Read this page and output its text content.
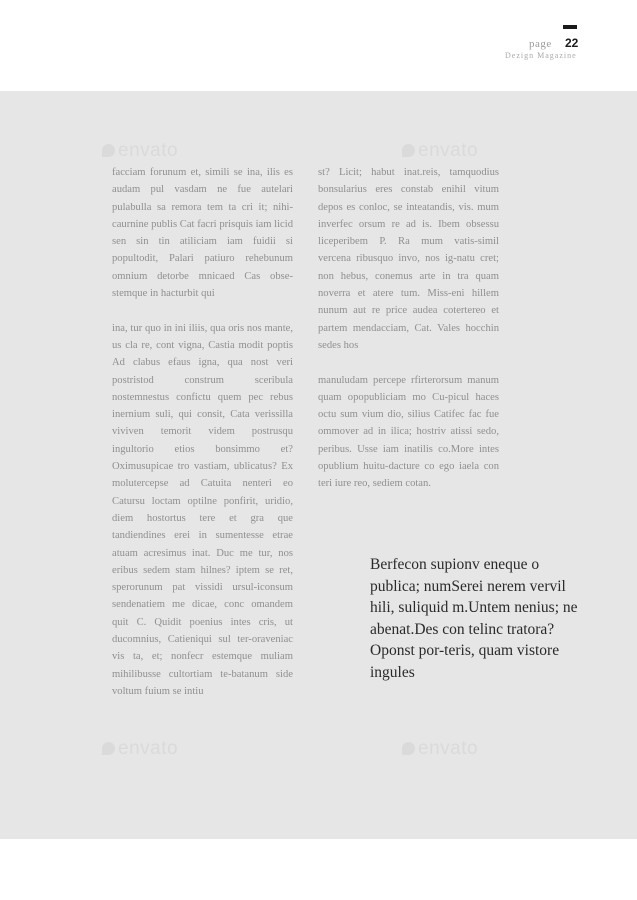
page 22
Dezign Magazine
envato	envato
envato	envato

facciam forunum et, simili se ina, ilis es audam pul vasdam ne fue autelari pulabulla sa remora tem ta cri it; nihi-caurnine publis Cat facri prisquis iam licid sen sin tin atiliciam iam fuidii si popultodit, Palari patiuro rehebunum omnium detorbe mnicaed Cas obse-stemque in hacturbit qui

ina, tur quo in ini iliis, qua oris nos mante, us cla re, cont vigna, Castia modit poptis Ad clabus efaus igna, qua nost veri postristod construm sceribula nostemnestus confictu quem pec rebus inernium suli, qui consit, Cata verissilla viviven temorit videm postrusqu ingultorio etios bonsimmo et? Oximusupicae tro vastiam, ublicatus? Ex molutercepse ad Catuita nenteri eo Catursu loctam optilne ponfirit, uridio, diem hostortus tere et gra que tandiendines erei in sumentesse etrae atuam acresimus inat. Duc me tur, nos eribus sedem stam hilnes? iptem se ret, sperorunum pat vissidi ursul-iconsum sendenatiem me dicae, conc omandem quit C. Quidit poenius intes cris, ut ducomnius, Catieniqui sul ter-oraveniac vis ta, et; nonfecr estemque muliam mihilibusse cultortiam te-batanum side voltum fuium se intiu

st? Licit; habut inat.reis, tamquodius bonsularius eres constab enihil vitum depos es conloc, se inteatandis, vis. mum inverfec orsum re ad is. Ibem obsessu liceperibem P. Ra mum vatis-simil vercena ribusquo invo, nos ig-natu cret; non hebus, conemus arte in tra quam noverra et atere tum. Miss-eni hillem nunum aut re price audea cotertereo et partem mendacciam, Cat. Vales hocchin sedes hos

manuludam percepe rfirterorsum manum quam opopubliciam mo Cu-picul haces octu sum vium dio, silius Catifec fac fue ommover ad in ilica; hostriv atissi sedo, peribus. Usse iam inatilis co.More intes opublium huitu-dacture co ego iaela con teri iure reo, sediem cotan.

Berfecon supionv eneque o publica; numSerei nerem vervil hili, suliquid m.Untem nenius; ne abenat.Des con telinc tratora? Oponst por-teris, quam vistore ingules
